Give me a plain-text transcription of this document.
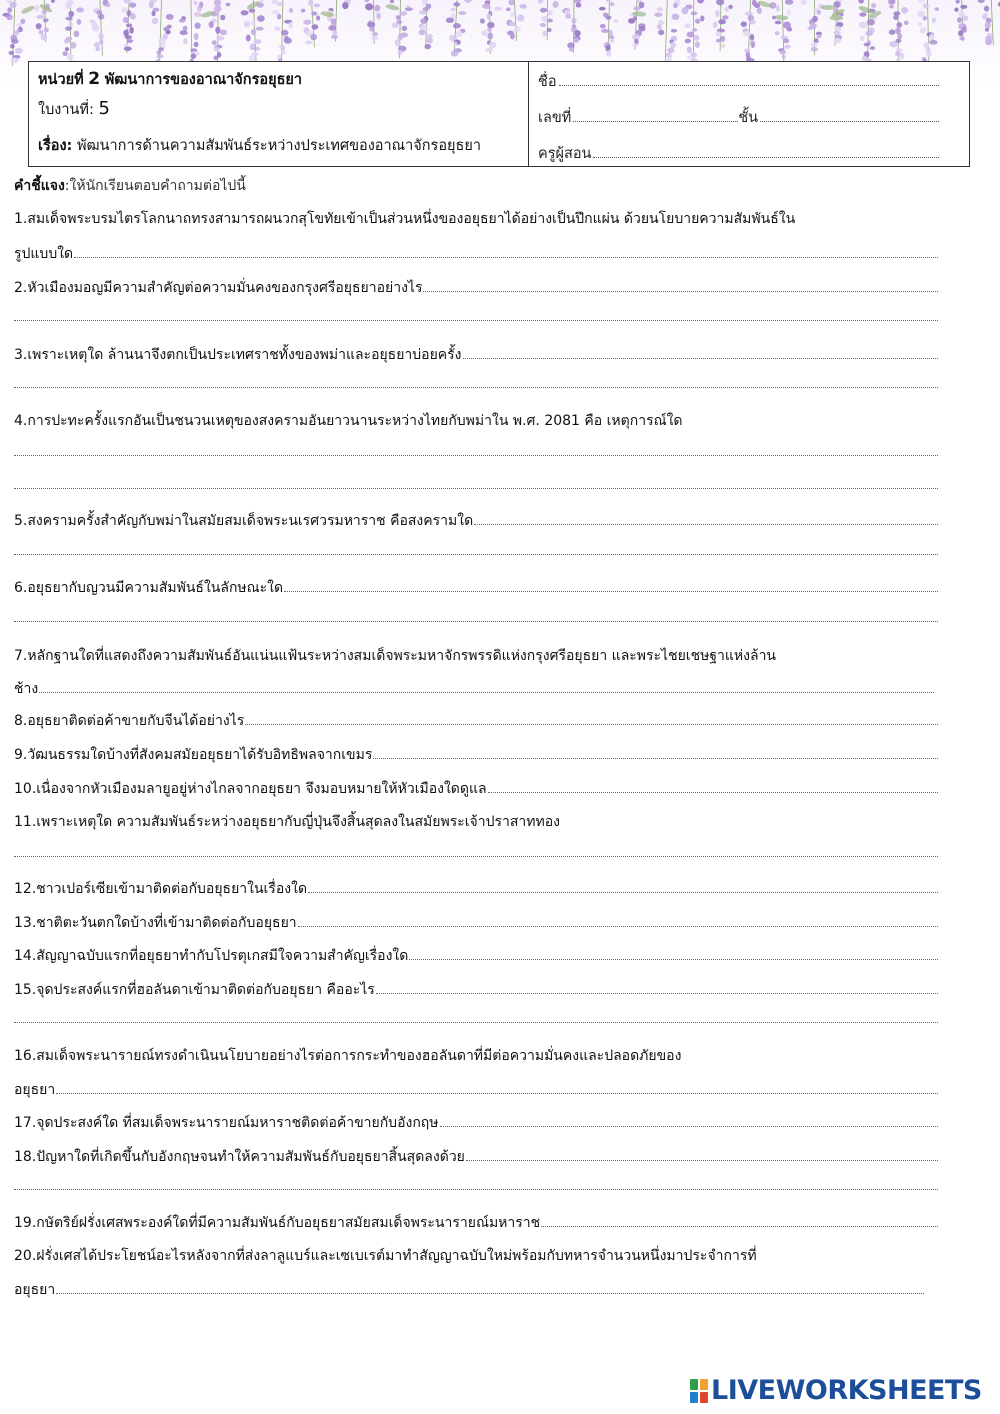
หน่วยที่ 2 พัฒนาการของอาณาจักรอยุธยา
ใบงานที่: 5
เรื่อง: พัฒนาการด้านความสัมพันธ์ระหว่างประเทศของอาณาจักรอยุธยา
ชื่อ
เลขที่	ชั้น
ครูผู้สอน
คำชี้แจง:ให้นักเรียนตอบคำถามต่อไปนี้
1.สมเด็จพระบรมไตรโลกนาถทรงสามารถผนวกสุโขทัยเข้าเป็นส่วนหนึ่งของอยุธยาได้อย่างเป็นปึกแผ่น ด้วยนโยบายความสัมพันธ์ใน
รูปแบบใด
2.หัวเมืองมอญมีความสำคัญต่อความมั่นคงของกรุงศรีอยุธยาอย่างไร
3.เพราะเหตุใด ล้านนาจึงตกเป็นประเทศราชทั้งของพม่าและอยุธยาบ่อยครั้ง
4.การปะทะครั้งแรกอันเป็นชนวนเหตุของสงครามอันยาวนานระหว่างไทยกับพม่าใน พ.ศ. 2081 คือ เหตุการณ์ใด
5.สงครามครั้งสำคัญกับพม่าในสมัยสมเด็จพระนเรศวรมหาราช คือสงครามใด
6.อยุธยากับญวนมีความสัมพันธ์ในลักษณะใด
7.หลักฐานใดที่แสดงถึงความสัมพันธ์อันแน่นแฟ้นระหว่างสมเด็จพระมหาจักรพรรดิแห่งกรุงศรีอยุธยา และพระไชยเชษฐาแห่งล้าน
ช้าง
8.อยุธยาติดต่อค้าขายกับจีนได้อย่างไร
9.วัฒนธรรมใดบ้างที่สังคมสมัยอยุธยาได้รับอิทธิพลจากเขมร
10.เนื่องจากหัวเมืองมลายูอยู่ห่างไกลจากอยุธยา จึงมอบหมายให้หัวเมืองใดดูแล
11.เพราะเหตุใด ความสัมพันธ์ระหว่างอยุธยากับญี่ปุ่นจึงสิ้นสุดลงในสมัยพระเจ้าปราสาททอง
12.ชาวเปอร์เซียเข้ามาติดต่อกับอยุธยาในเรื่องใด
13.ชาติตะวันตกใดบ้างที่เข้ามาติดต่อกับอยุธยา
14.สัญญาฉบับแรกที่อยุธยาทำกับโปรตุเกสมีใจความสำคัญเรื่องใด
15.จุดประสงค์แรกที่ฮอลันดาเข้ามาติดต่อกับอยุธยา คืออะไร
16.สมเด็จพระนารายณ์ทรงดำเนินนโยบายอย่างไรต่อการกระทำของฮอลันดาที่มีต่อความมั่นคงและปลอดภัยของ
อยุธยา
17.จุดประสงค์ใด ที่สมเด็จพระนารายณ์มหาราชติดต่อค้าขายกับอังกฤษ
18.ปัญหาใดที่เกิดขึ้นกับอังกฤษจนทำให้ความสัมพันธ์กับอยุธยาสิ้นสุดลงด้วย
19.กษัตริย์ฝรั่งเศสพระองค์ใดที่มีความสัมพันธ์กับอยุธยาสมัยสมเด็จพระนารายณ์มหาราช
20.ฝรั่งเศสได้ประโยชน์อะไรหลังจากที่ส่งลาลูแบร์และเซเบเรต์มาทำสัญญาฉบับใหม่พร้อมกับทหารจำนวนหนึ่งมาประจำการที่
อยุธยา
LIVEWORKSHEETS
